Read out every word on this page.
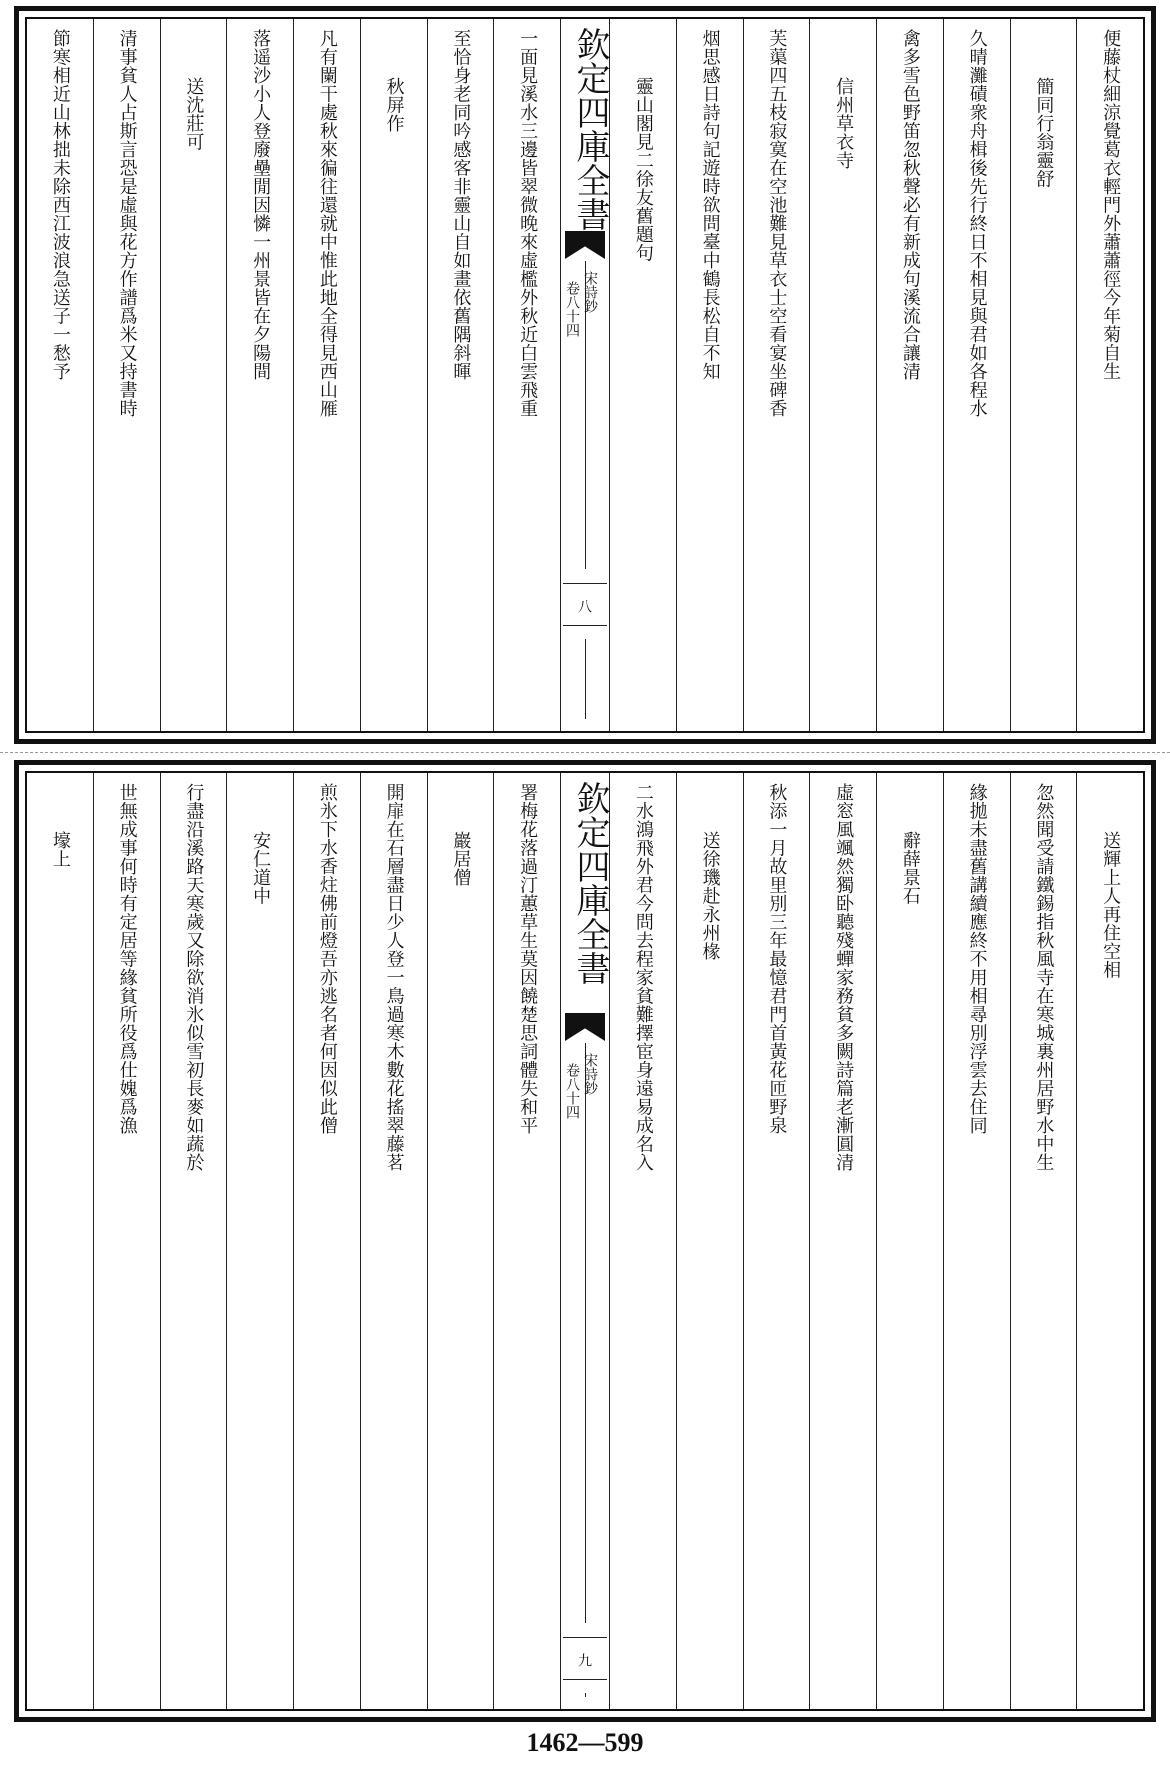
便藤杖細涼覺葛衣輕門外蕭蕭徑今年菊自生
簡同行翁靈舒
久晴灘磧衆舟楫後先行終日不相見與君如各程水
禽多雪色野笛忽秋聲必有新成句溪流合讓清
信州草衣寺
芙蕖四五枝寂寞在空池難見草衣士空看宴坐碑香
烟思感日詩句記遊時欲問臺中鶴長松自不知
靈山閣見二徐友舊題句
欽定四庫全書
宋詩鈔
卷八十四
八
一面見溪水三邊皆翠微晚來虛檻外秋近白雲飛重
至恰身老同吟感客非靈山自如畫依舊隅斜暉
秋屏作
凡有闌干處秋來徧往還就中惟此地全得見西山雁
落遥沙小人登廢壘閒因憐一州景皆在夕陽間
送沈莊可
清事貧人占斯言恐是虛與花方作譜爲米又持書時
節寒相近山林拙未除西江波浪急送子一愁予
送輝上人再住空相
忽然聞受請鐵錫指秋風寺在寒城裏州居野水中生
緣拋未盡舊講續應終不用相尋別浮雲去住同
辭薛景石
虛窓風颯然獨卧聽殘蟬家務貧多闕詩篇老漸圓清
秋添一月故里別三年最憶君門首黃花匝野泉
送徐璣赴永州椽
二水鴻飛外君今問去程家貧難擇宦身遠易成名入
欽定四庫全書
宋詩鈔
卷八十四
九
署梅花落過汀蕙草生莫因饒楚思詞體失和平
巖居僧
開扉在石層盡日少人登一鳥過寒木數花搖翠藤茗
煎氷下水香炷佛前燈吾亦逃名者何因似此僧
安仁道中
行盡沿溪路天寒歲又除欲消氷似雪初長麥如蔬於
世無成事何時有定居等緣貧所役爲仕媿爲漁
壕上
1462—599
